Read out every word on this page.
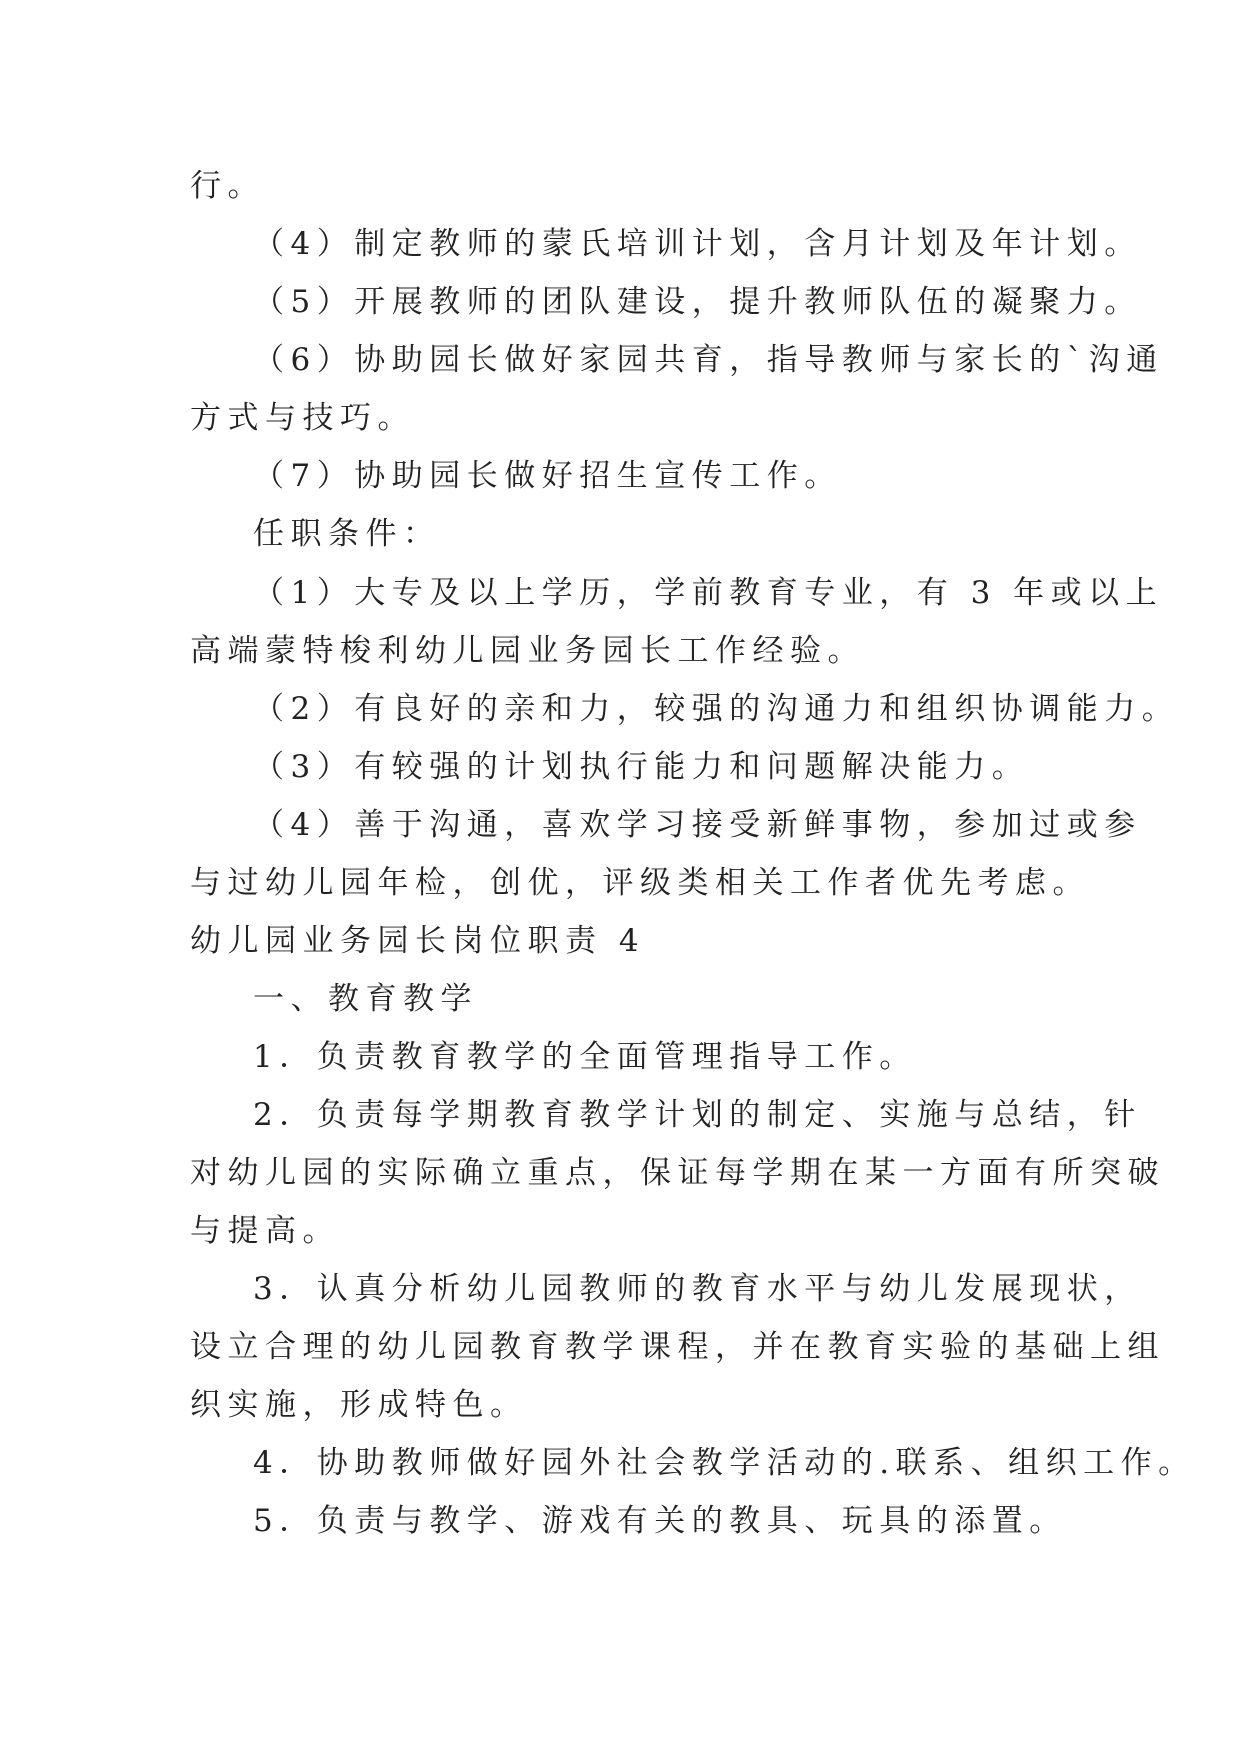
行。
（4）制定教师的蒙氏培训计划，含月计划及年计划。
（5）开展教师的团队建设，提升教师队伍的凝聚力。
（6）协助园长做好家园共育，指导教师与家长的`沟通
方式与技巧。
（7）协助园长做好招生宣传工作。
任职条件：
（1）大专及以上学历，学前教育专业，有 3 年或以上
高端蒙特梭利幼儿园业务园长工作经验。
（2）有良好的亲和力，较强的沟通力和组织协调能力。
（3）有较强的计划执行能力和问题解决能力。
（4）善于沟通，喜欢学习接受新鲜事物，参加过或参
与过幼儿园年检，创优，评级类相关工作者优先考虑。
幼儿园业务园长岗位职责 4
一、教育教学
1．负责教育教学的全面管理指导工作。
2．负责每学期教育教学计划的制定、实施与总结，针
对幼儿园的实际确立重点，保证每学期在某一方面有所突破
与提高。
3．认真分析幼儿园教师的教育水平与幼儿发展现状，
设立合理的幼儿园教育教学课程，并在教育实验的基础上组
织实施，形成特色。
4．协助教师做好园外社会教学活动的.联系、组织工作。
5．负责与教学、游戏有关的教具、玩具的添置。
